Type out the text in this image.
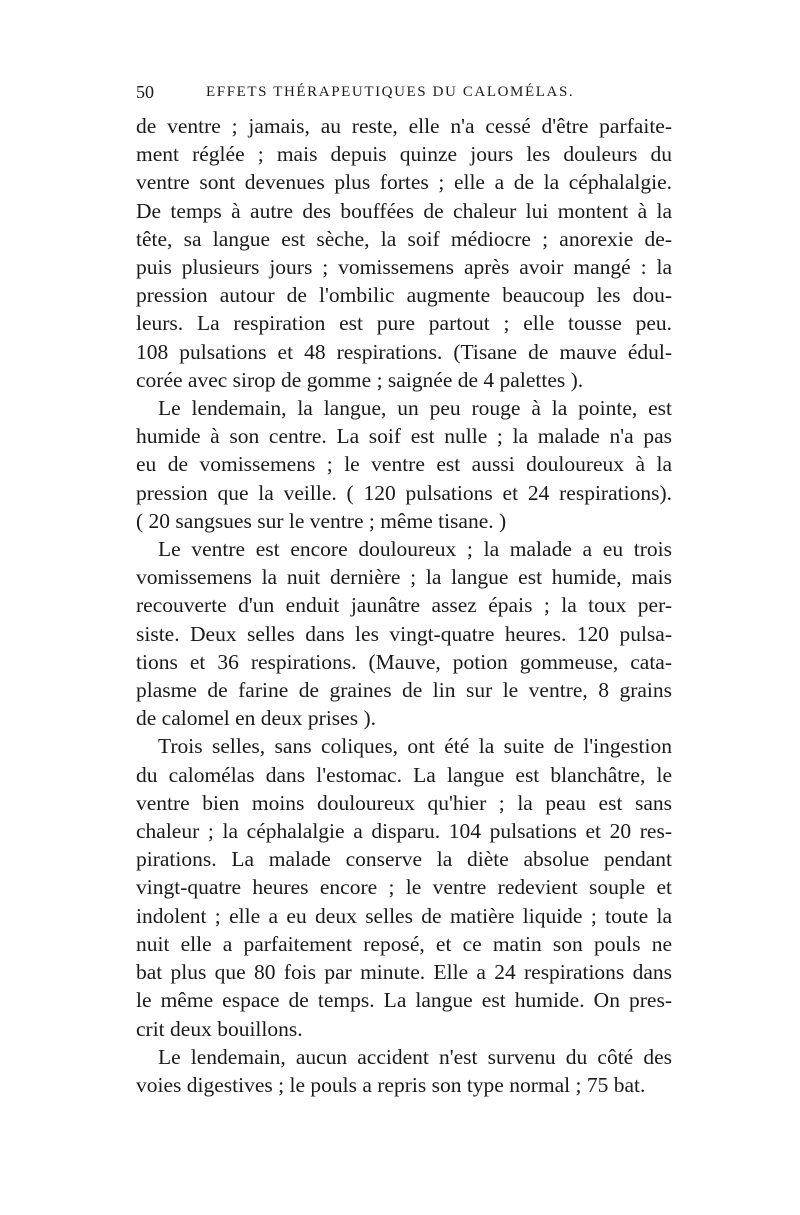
50	EFFETS THÉRAPEUTIQUES DU CALOMÉLAS.

de ventre ; jamais, au reste, elle n'a cessé d'être parfaite-
ment réglée ; mais depuis quinze jours les douleurs du
ventre sont devenues plus fortes ; elle a de la céphalalgie.
De temps à autre des bouffées de chaleur lui montent à la
tête, sa langue est sèche, la soif médiocre ; anorexie de-
puis plusieurs jours ; vomissemens après avoir mangé : la
pression autour de l'ombilic augmente beaucoup les dou-
leurs. La respiration est pure partout ; elle tousse peu.
108 pulsations et 48 respirations. (Tisane de mauve édul-
corée avec sirop de gomme ; saignée de 4 palettes ).

Le lendemain, la langue, un peu rouge à la pointe, est
humide à son centre. La soif est nulle ; la malade n'a pas
eu de vomissemens ; le ventre est aussi douloureux à la
pression que la veille. ( 120 pulsations et 24 respirations).
( 20 sangsues sur le ventre ; même tisane. )

Le ventre est encore douloureux ; la malade a eu trois
vomissemens la nuit dernière ; la langue est humide, mais
recouverte d'un enduit jaunâtre assez épais ; la toux per-
siste. Deux selles dans les vingt-quatre heures. 120 pulsa-
tions et 36 respirations. (Mauve, potion gommeuse, cata-
plasme de farine de graines de lin sur le ventre, 8 grains
de calomel en deux prises ).

Trois selles, sans coliques, ont été la suite de l'ingestion
du calomélas dans l'estomac. La langue est blanchâtre, le
ventre bien moins douloureux qu'hier ; la peau est sans
chaleur ; la céphalalgie a disparu. 104 pulsations et 20 res-
pirations. La malade conserve la diète absolue pendant
vingt-quatre heures encore ; le ventre redevient souple et
indolent ; elle a eu deux selles de matière liquide ; toute la
nuit elle a parfaitement reposé, et ce matin son pouls ne
bat plus que 80 fois par minute. Elle a 24 respirations dans
le même espace de temps. La langue est humide. On pres-
crit deux bouillons.

Le lendemain, aucun accident n'est survenu du côté des
voies digestives ; le pouls a repris son type normal ; 75 bat.
